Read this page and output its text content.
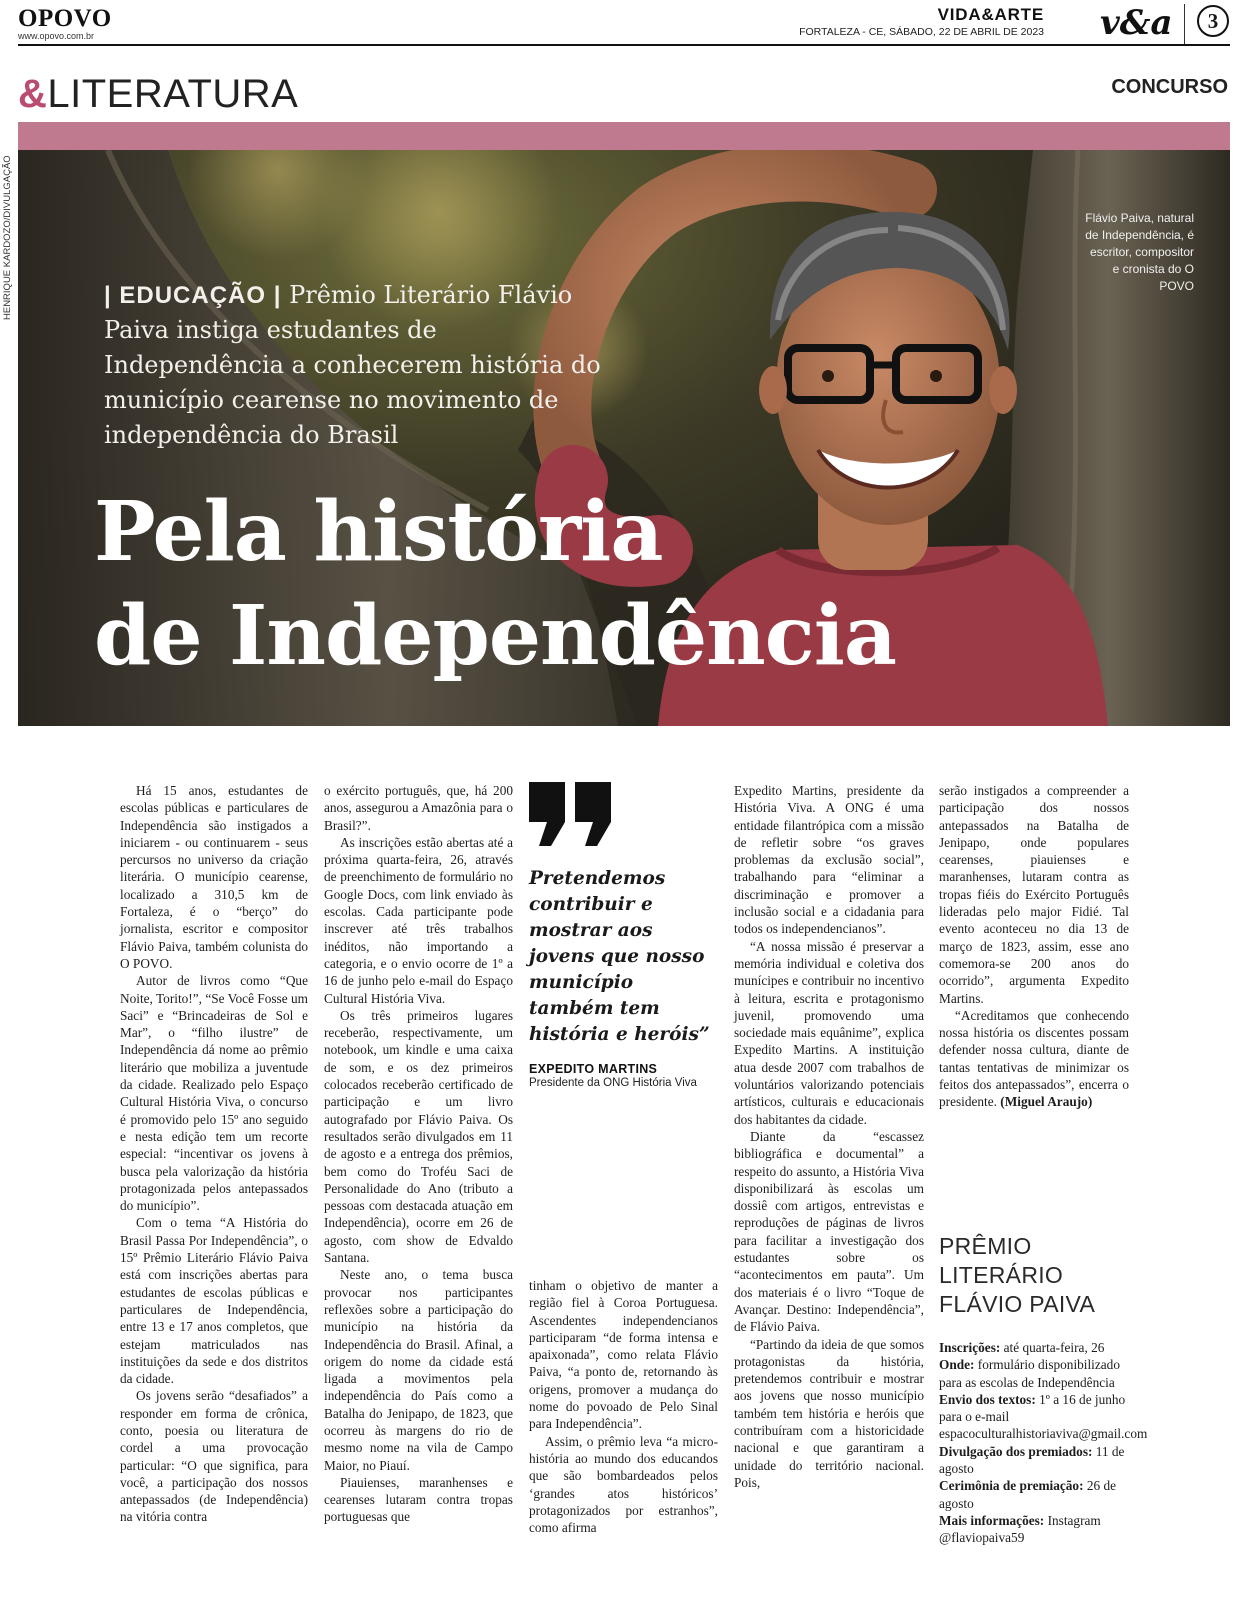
OPOVO
www.opovo.com.br
VIDA&ARTE
FORTALEZA - CE, SÁBADO, 22 DE ABRIL DE 2023 v&a	3
&LITERATURA	CONCURSO
HENRIQUE KARDOZO/DIVULGAÇÃO	| EDUCAÇÃO | Prêmio Literário Flávio Paiva instiga estudantes de Independência a conhecerem história do município cearense no movimento de independência do Brasil
Pela história
de Independência
Flávio Paiva, natural de Independência, é escritor, compositor e cronista do O POVO

Há 15 anos, estudantes de escolas públicas e particulares de Independência são instigados a iniciarem - ou continuarem - seus percursos no universo da criação literária. O município cearense, localizado a 310,5 km de Fortaleza, é o “berço” do jornalista, escritor e compositor Flávio Paiva, também colunista do O POVO.

Autor de livros como “Que Noite, Torito!”, “Se Você Fosse um Saci” e “Brincadeiras de Sol e Mar”, o “filho ilustre” de Independência dá nome ao prêmio literário que mobiliza a juventude da cidade. Realizado pelo Espaço Cultural História Viva, o concurso é promovido pelo 15º ano seguido e nesta edição tem um recorte especial: “incentivar os jovens à busca pela valorização da história protagonizada pelos antepassados do município”.

Com o tema “A História do Brasil Passa Por Independência”, o 15º Prêmio Literário Flávio Paiva está com inscrições abertas para estudantes de escolas públicas e particulares de Independência, entre 13 e 17 anos completos, que estejam matriculados nas instituições da sede e dos distritos da cidade.

Os jovens serão “desafiados” a responder em forma de crônica, conto, poesia ou literatura de cordel a uma provocação particular: “O que significa, para você, a participação dos nossos antepassados (de Independência) na vitória contra

o exército português, que, há 200 anos, assegurou a Amazônia para o Brasil?”.

As inscrições estão abertas até a próxima quarta-feira, 26, através de preenchimento de formulário no Google Docs, com link enviado às escolas. Cada participante pode inscrever até três trabalhos inéditos, não importando a categoria, e o envio ocorre de 1º a 16 de junho pelo e-mail do Espaço Cultural História Viva.

Os três primeiros lugares receberão, respectivamente, um notebook, um kindle e uma caixa de som, e os dez primeiros colocados receberão certificado de participação e um livro autografado por Flávio Paiva. Os resultados serão divulgados em 11 de agosto e a entrega dos prêmios, bem como do Troféu Saci de Personalidade do Ano (tributo a pessoas com destacada atuação em Independência), ocorre em 26 de agosto, com show de Edvaldo Santana.

Neste ano, o tema busca provocar nos participantes reflexões sobre a participação do município na história da Independência do Brasil. Afinal, a origem do nome da cidade está ligada a movimentos pela independência do País como a Batalha do Jenipapo, de 1823, que ocorreu às margens do rio de mesmo nome na vila de Campo Maior, no Piauí.

Piauienses, maranhenses e cearenses lutaram contra tropas portuguesas que

Pretendemos contribuir e mostrar aos jovens que nosso município também tem história e heróis”
EXPEDITO MARTINS
Presidente da ONG História Viva

tinham o objetivo de manter a região fiel à Coroa Portuguesa. Ascendentes independencianos participaram “de forma intensa e apaixonada”, como relata Flávio Paiva, “a ponto de, retornando às origens, promover a mudança do nome do povoado de Pelo Sinal para Independência”.

Assim, o prêmio leva “a micro-história ao mundo dos educandos que são bombardeados pelos ‘grandes atos históricos’ protagonizados por estranhos”, como afirma

Expedito Martins, presidente da História Viva. A ONG é uma entidade filantrópica com a missão de refletir sobre “os graves problemas da exclusão social”, trabalhando para “eliminar a discriminação e promover a inclusão social e a cidadania para todos os independencianos”.

“A nossa missão é preservar a memória individual e coletiva dos munícipes e contribuir no incentivo à leitura, escrita e protagonismo juvenil, promovendo uma sociedade mais equânime”, explica Expedito Martins. A instituição atua desde 2007 com trabalhos de voluntários valorizando potenciais artísticos, culturais e educacionais dos habitantes da cidade.

Diante da “escassez bibliográfica e documental” a respeito do assunto, a História Viva disponibilizará às escolas um dossiê com artigos, entrevistas e reproduções de páginas de livros para facilitar a investigação dos estudantes sobre os “acontecimentos em pauta”. Um dos materiais é o livro “Toque de Avançar. Destino: Independência”, de Flávio Paiva.

“Partindo da ideia de que somos protagonistas da história, pretendemos contribuir e mostrar aos jovens que nosso município também tem história e heróis que contribuíram com a historicidade nacional e que garantiram a unidade do território nacional. Pois,

serão instigados a compreender a participação dos nossos antepassados na Batalha de Jenipapo, onde populares cearenses, piauienses e maranhenses, lutaram contra as tropas fiéis do Exército Português lideradas pelo major Fidié. Tal evento aconteceu no dia 13 de março de 1823, assim, esse ano comemora-se 200 anos do ocorrido”, argumenta Expedito Martins.

“Acreditamos que conhecendo nossa história os discentes possam defender nossa cultura, diante de tantas tentativas de minimizar os feitos dos antepassados”, encerra o presidente. (Miguel Araujo)

PRÊMIO
LITERÁRIO
FLÁVIO PAIVA
Inscrições: até quarta-feira, 26
Onde: formulário disponibilizado para as escolas de Independência
Envio dos textos: 1º a 16 de junho para o e-mail espacoculturalhistoriaviva@gmail.com
Divulgação dos premiados: 11 de agosto
Cerimônia de premiação: 26 de agosto
Mais informações: Instagram @flaviopaiva59
